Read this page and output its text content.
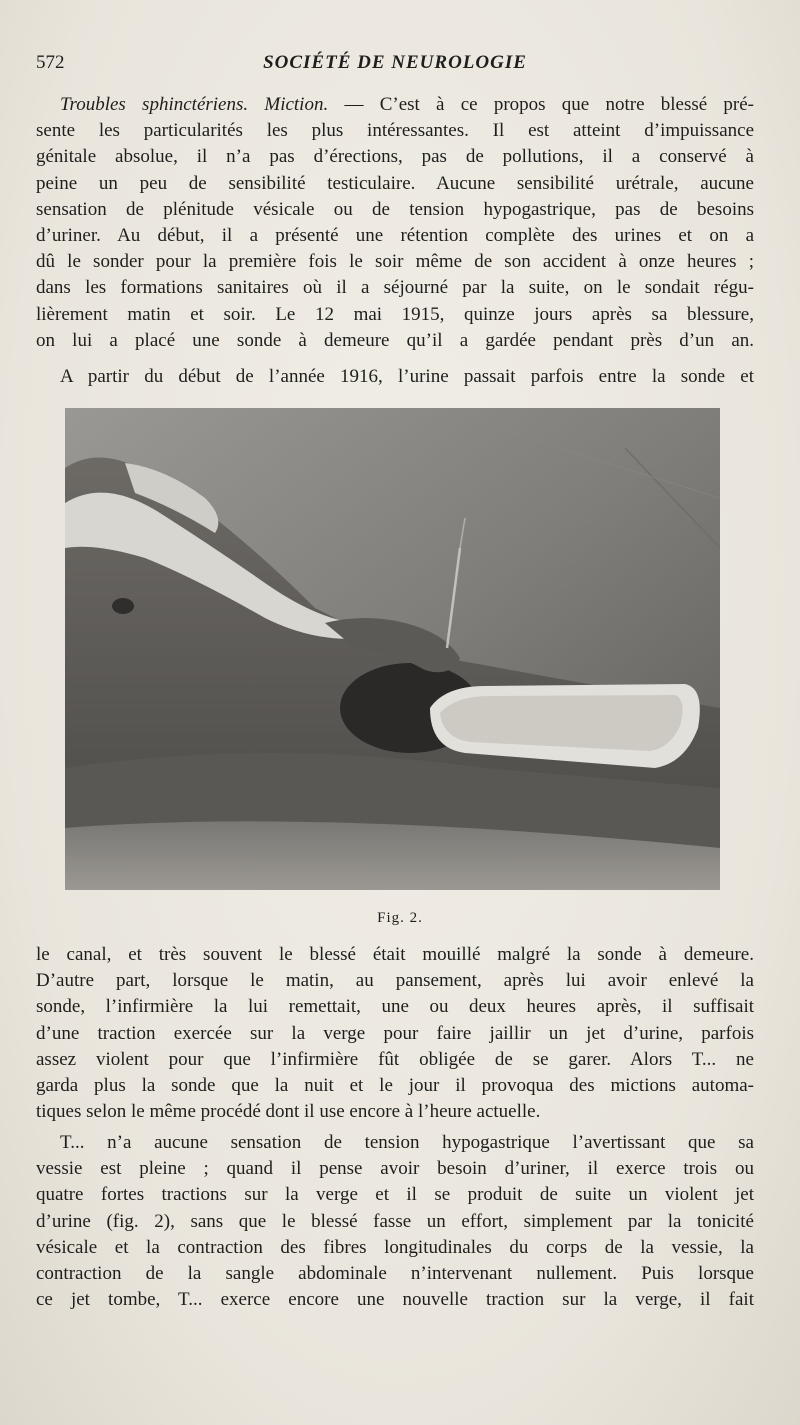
572	SOCIÉTÉ DE NEUROLOGIE

Troubles sphinctériens. Miction. — C’est à ce propos que notre blessé pré-
sente les particularités les plus intéressantes. Il est atteint d’impuissance
génitale absolue, il n’a pas d’érections, pas de pollutions, il a conservé à
peine un peu de sensibilité testiculaire. Aucune sensibilité urétrale, aucune
sensation de plénitude vésicale ou de tension hypogastrique, pas de besoins
d’uriner. Au début, il a présenté une rétention complète des urines et on a
dû le sonder pour la première fois le soir même de son accident à onze heures ;
dans les formations sanitaires où il a séjourné par la suite, on le sondait régu-
lièrement matin et soir. Le 12 mai 1915, quinze jours après sa blessure,
on lui a placé une sonde à demeure qu’il a gardée pendant près d’un an.

A partir du début de l’année 1916, l’urine passait parfois entre la sonde et

Fig. 2.

le canal, et très souvent le blessé était mouillé malgré la sonde à demeure.
D’autre part, lorsque le matin, au pansement, après lui avoir enlevé la
sonde, l’infirmière la lui remettait, une ou deux heures après, il suffisait
d’une traction exercée sur la verge pour faire jaillir un jet d’urine, parfois
assez violent pour que l’infirmière fût obligée de se garer. Alors T... ne
garda plus la sonde que la nuit et le jour il provoqua des mictions automa-
tiques selon le même procédé dont il use encore à l’heure actuelle.

T... n’a aucune sensation de tension hypogastrique l’avertissant que sa
vessie est pleine ; quand il pense avoir besoin d’uriner, il exerce trois ou
quatre fortes tractions sur la verge et il se produit de suite un violent jet
d’urine (fig. 2), sans que le blessé fasse un effort, simplement par la tonicité
vésicale et la contraction des fibres longitudinales du corps de la vessie, la
contraction de la sangle abdominale n’intervenant nullement. Puis lorsque
ce jet tombe, T... exerce encore une nouvelle traction sur la verge, il fait
